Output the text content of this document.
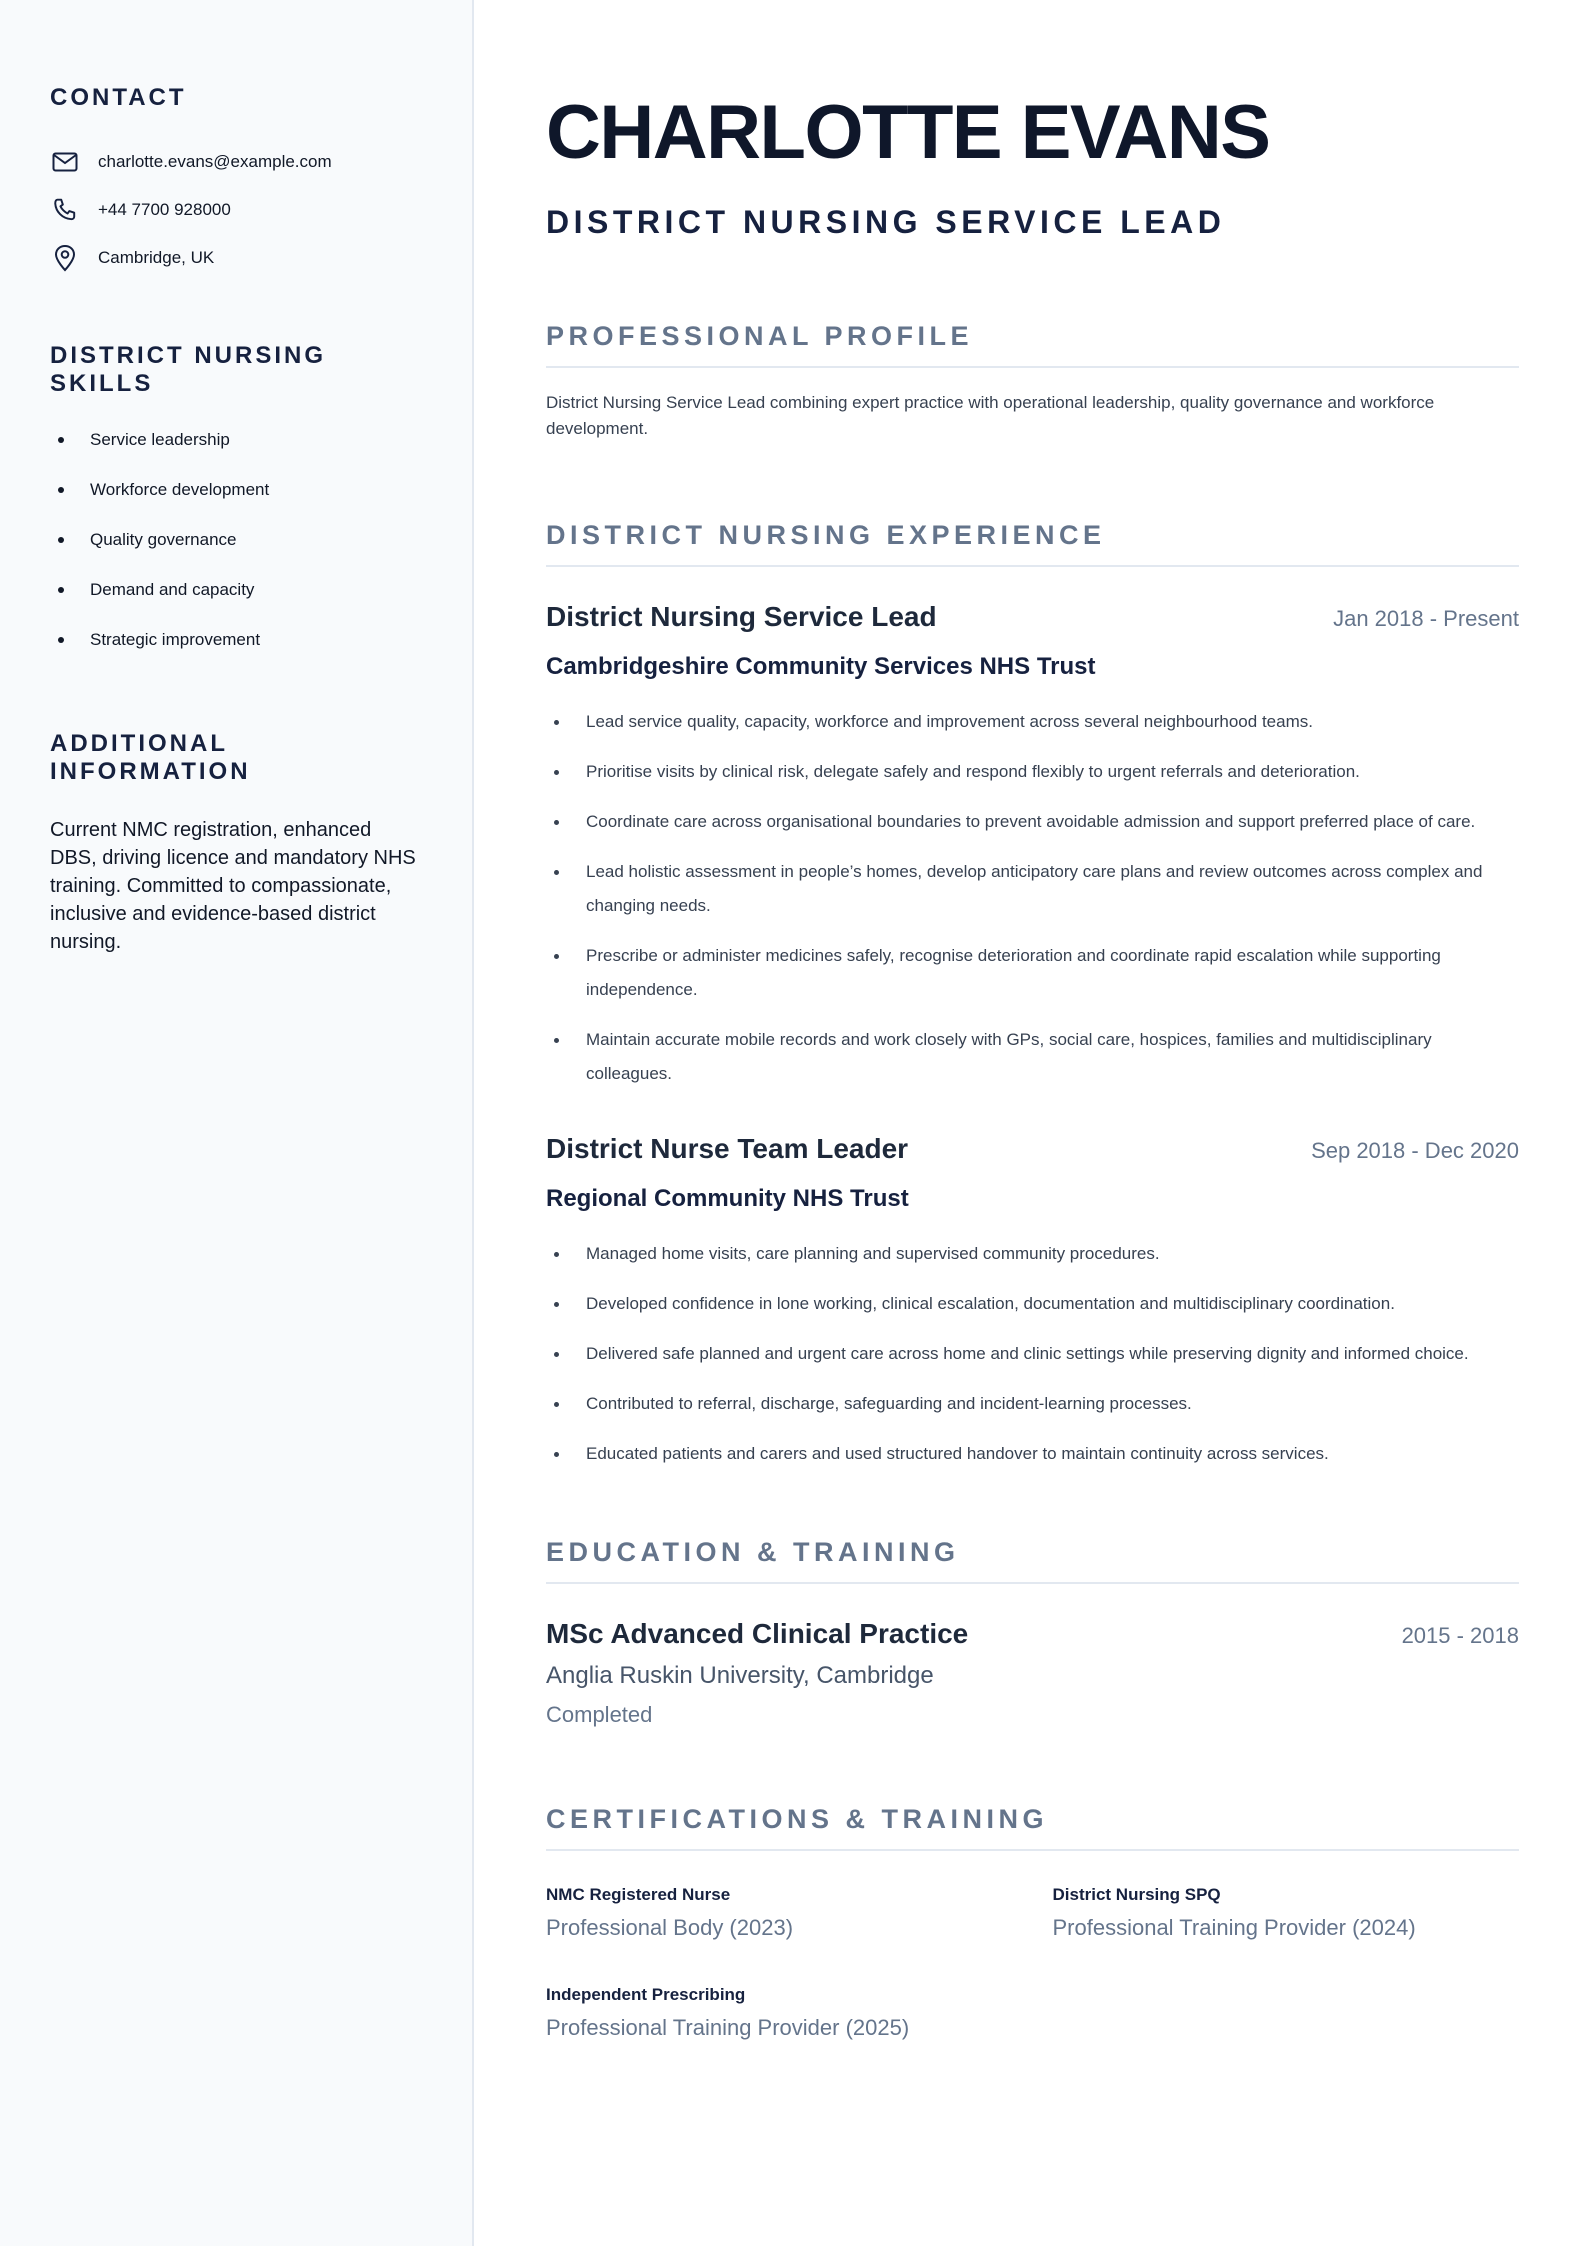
CONTACT
charlotte.evans@example.com
+44 7700 928000
Cambridge, UK
DISTRICT NURSING SKILLS
Service leadership
Workforce development
Quality governance
Demand and capacity
Strategic improvement
ADDITIONAL INFORMATION

Current NMC registration, enhanced DBS, driving licence and mandatory NHS training. Committed to compassionate, inclusive and evidence-based district nursing.

CHARLOTTE EVANS
DISTRICT NURSING SERVICE LEAD
PROFESSIONAL PROFILE

District Nursing Service Lead combining expert practice with operational leadership, quality governance and workforce development.

DISTRICT NURSING EXPERIENCE
District Nursing Service Lead	Jan 2018 - Present
Cambridgeshire Community Services NHS Trust
Lead service quality, capacity, workforce and improvement across several neighbourhood teams.
Prioritise visits by clinical risk, delegate safely and respond flexibly to urgent referrals and deterioration.
Coordinate care across organisational boundaries to prevent avoidable admission and support preferred place of care.
Lead holistic assessment in people’s homes, develop anticipatory care plans and review outcomes across complex and changing needs.
Prescribe or administer medicines safely, recognise deterioration and coordinate rapid escalation while supporting independence.
Maintain accurate mobile records and work closely with GPs, social care, hospices, families and multidisciplinary colleagues.
District Nurse Team Leader	Sep 2018 - Dec 2020
Regional Community NHS Trust
Managed home visits, care planning and supervised community procedures.
Developed confidence in lone working, clinical escalation, documentation and multidisciplinary coordination.
Delivered safe planned and urgent care across home and clinic settings while preserving dignity and informed choice.
Contributed to referral, discharge, safeguarding and incident-learning processes.
Educated patients and carers and used structured handover to maintain continuity across services.
EDUCATION & TRAINING
MSc Advanced Clinical Practice	2015 - 2018
Anglia Ruskin University, Cambridge
Completed
CERTIFICATIONS & TRAINING
NMC Registered Nurse
Professional Body (2023)
District Nursing SPQ
Professional Training Provider (2024)
Independent Prescribing
Professional Training Provider (2025)
